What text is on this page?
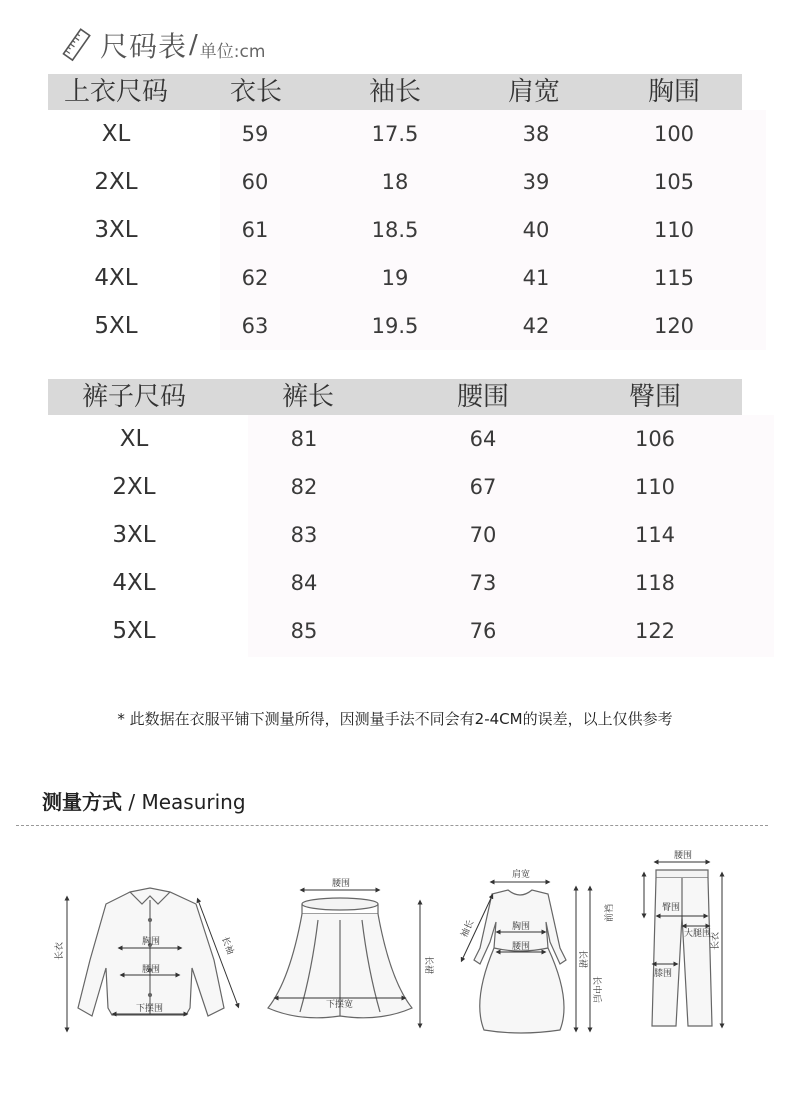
尺码表 / 单位:cm
上衣尺码 衣长	袖长	肩宽	胸围
XL	59	17.5	38	100
2XL	60	18	39	105
3XL	61	18.5	40	110
4XL	62	19	41	115
5XL	63	19.5	42	120
裤子尺码	裤长	腰围	臀围
XL	81	64	106
2XL	82	67	110
3XL	83	70	114
4XL	84	73	118
5XL	85	76	122
* 此数据在衣服平铺下测量所得，因测量手法不同会有2-4CM的误差，以上仅供参考
测量方式 / Measuring
长衣	胸围
腰围
下摆围
长袖
腰围
长裙
下摆宽
肩宽
袖长	胸围
腰围
长裙
长中后
腰围
前裆	臀围
大腿围
膝围
长衣
